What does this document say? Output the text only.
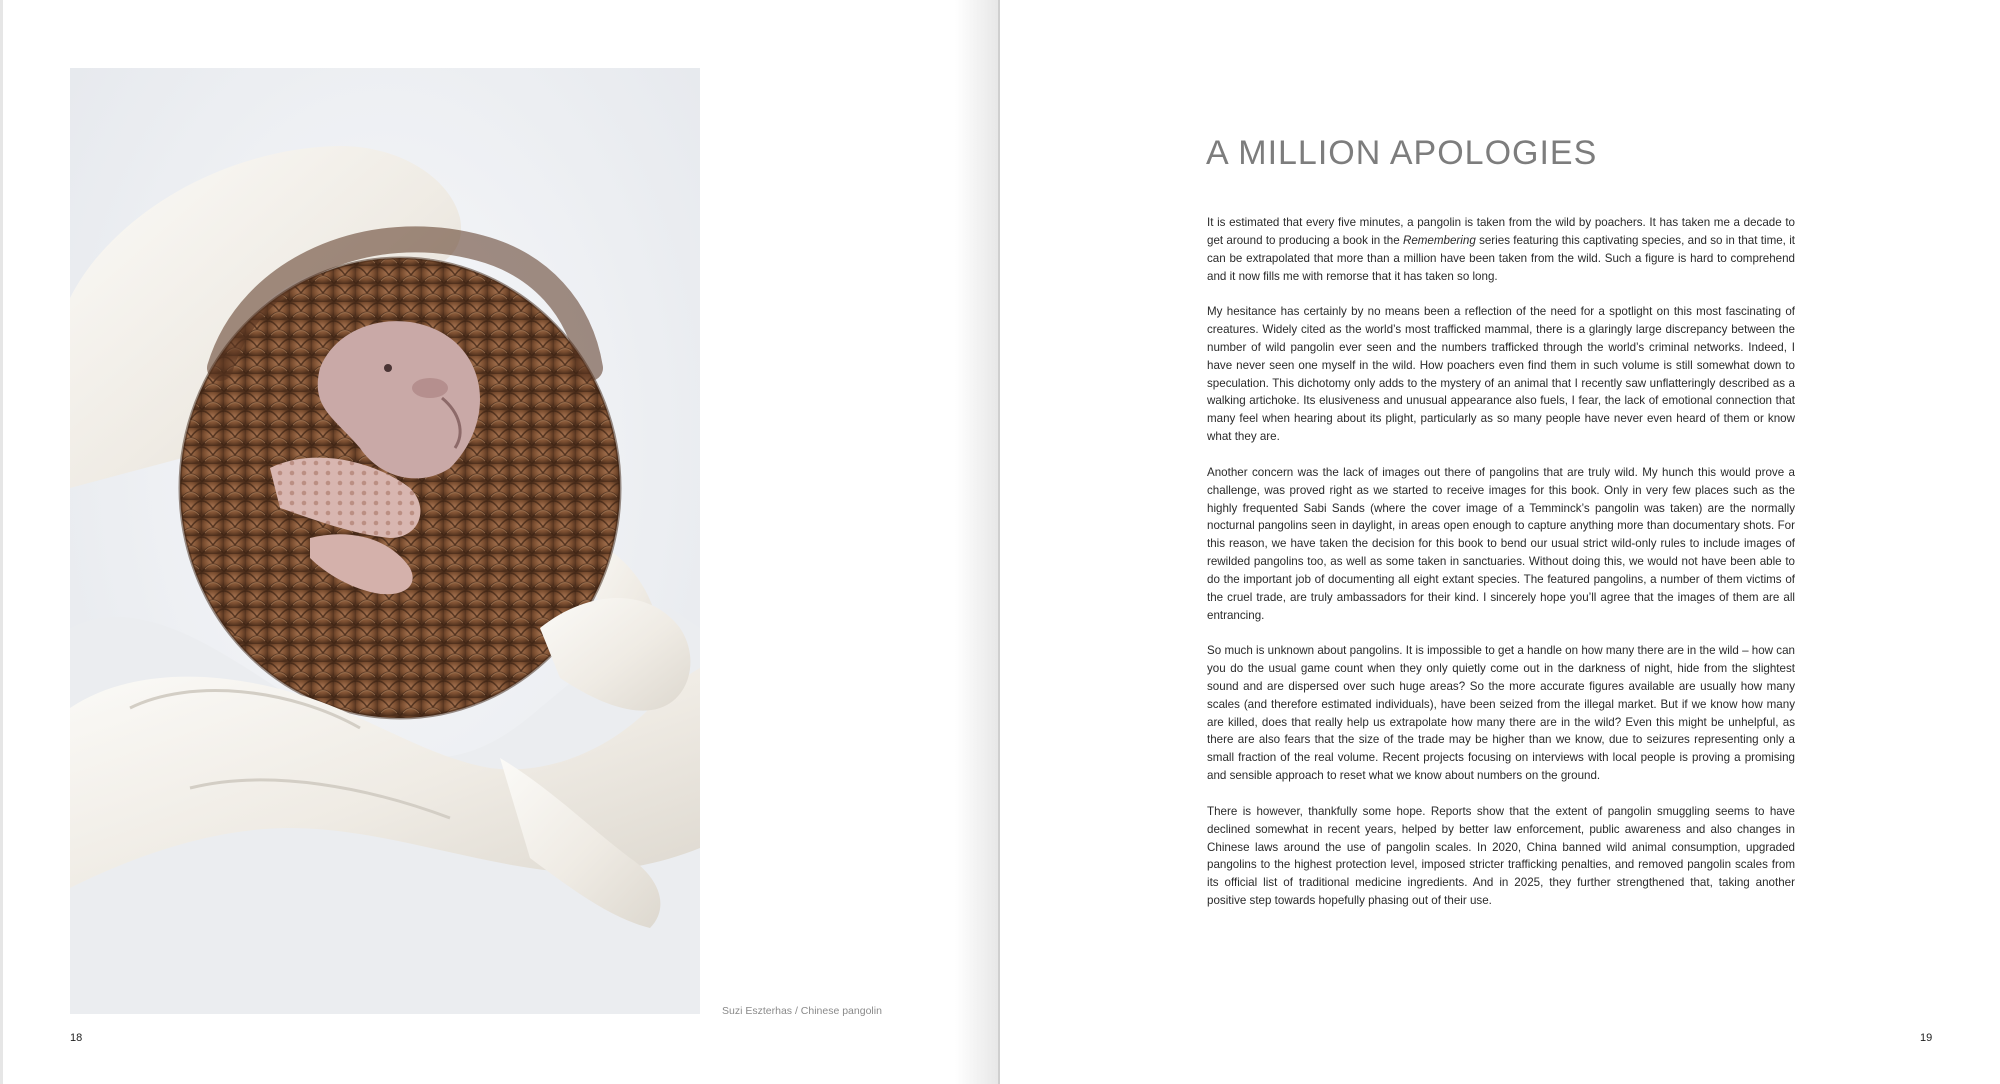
Suzi Eszterhas / Chinese pangolin
18
A MILLION APOLOGIES

It is estimated that every five minutes, a pangolin is taken from the wild by poachers. It has taken me a decade to get around to producing a book in the Remembering series featuring this captivating species, and so in that time, it can be extrapolated that more than a million have been taken from the wild. Such a figure is hard to comprehend and it now fills me with remorse that it has taken so long.

My hesitance has certainly by no means been a reflection of the need for a spotlight on this most fascinating of creatures. Widely cited as the world’s most trafficked mammal, there is a glaringly large discrepancy between the number of wild pangolin ever seen and the numbers trafficked through the world’s criminal networks. Indeed, I have never seen one myself in the wild. How poachers even find them in such volume is still somewhat down to speculation. This dichotomy only adds to the mystery of an animal that I recently saw unflatteringly described as a walking artichoke. Its elusiveness and unusual appearance also fuels, I fear, the lack of emotional connection that many feel when hearing about its plight, particularly as so many people have never even heard of them or know what they are.

Another concern was the lack of images out there of pangolins that are truly wild. My hunch this would prove a challenge, was proved right as we started to receive images for this book. Only in very few places such as the highly frequented Sabi Sands (where the cover image of a Temminck’s pangolin was taken) are the normally nocturnal pangolins seen in daylight, in areas open enough to capture anything more than documentary shots. For this reason, we have taken the decision for this book to bend our usual strict wild-only rules to include images of rewilded pangolins too, as well as some taken in sanctuaries. Without doing this, we would not have been able to do the important job of documenting all eight extant species. The featured pangolins, a number of them victims of the cruel trade, are truly ambassadors for their kind. I sincerely hope you’ll agree that the images of them are all entrancing.

So much is unknown about pangolins. It is impossible to get a handle on how many there are in the wild – how can you do the usual game count when they only quietly come out in the darkness of night, hide from the slightest sound and are dispersed over such huge areas? So the more accurate figures available are usually how many scales (and therefore estimated individuals), have been seized from the illegal market. But if we know how many are killed, does that really help us extrapolate how many there are in the wild? Even this might be unhelpful, as there are also fears that the size of the trade may be higher than we know, due to seizures representing only a small fraction of the real volume. Recent projects focusing on interviews with local people is proving a promising and sensible approach to reset what we know about numbers on the ground.

There is however, thankfully some hope. Reports show that the extent of pangolin smuggling seems to have declined somewhat in recent years, helped by better law enforcement, public awareness and also changes in Chinese laws around the use of pangolin scales. In 2020, China banned wild animal consumption, upgraded pangolins to the highest protection level, imposed stricter trafficking penalties, and removed pangolin scales from its official list of traditional medicine ingredients. And in 2025, they further strengthened that, taking another positive step towards hopefully phasing out of their use.

19
